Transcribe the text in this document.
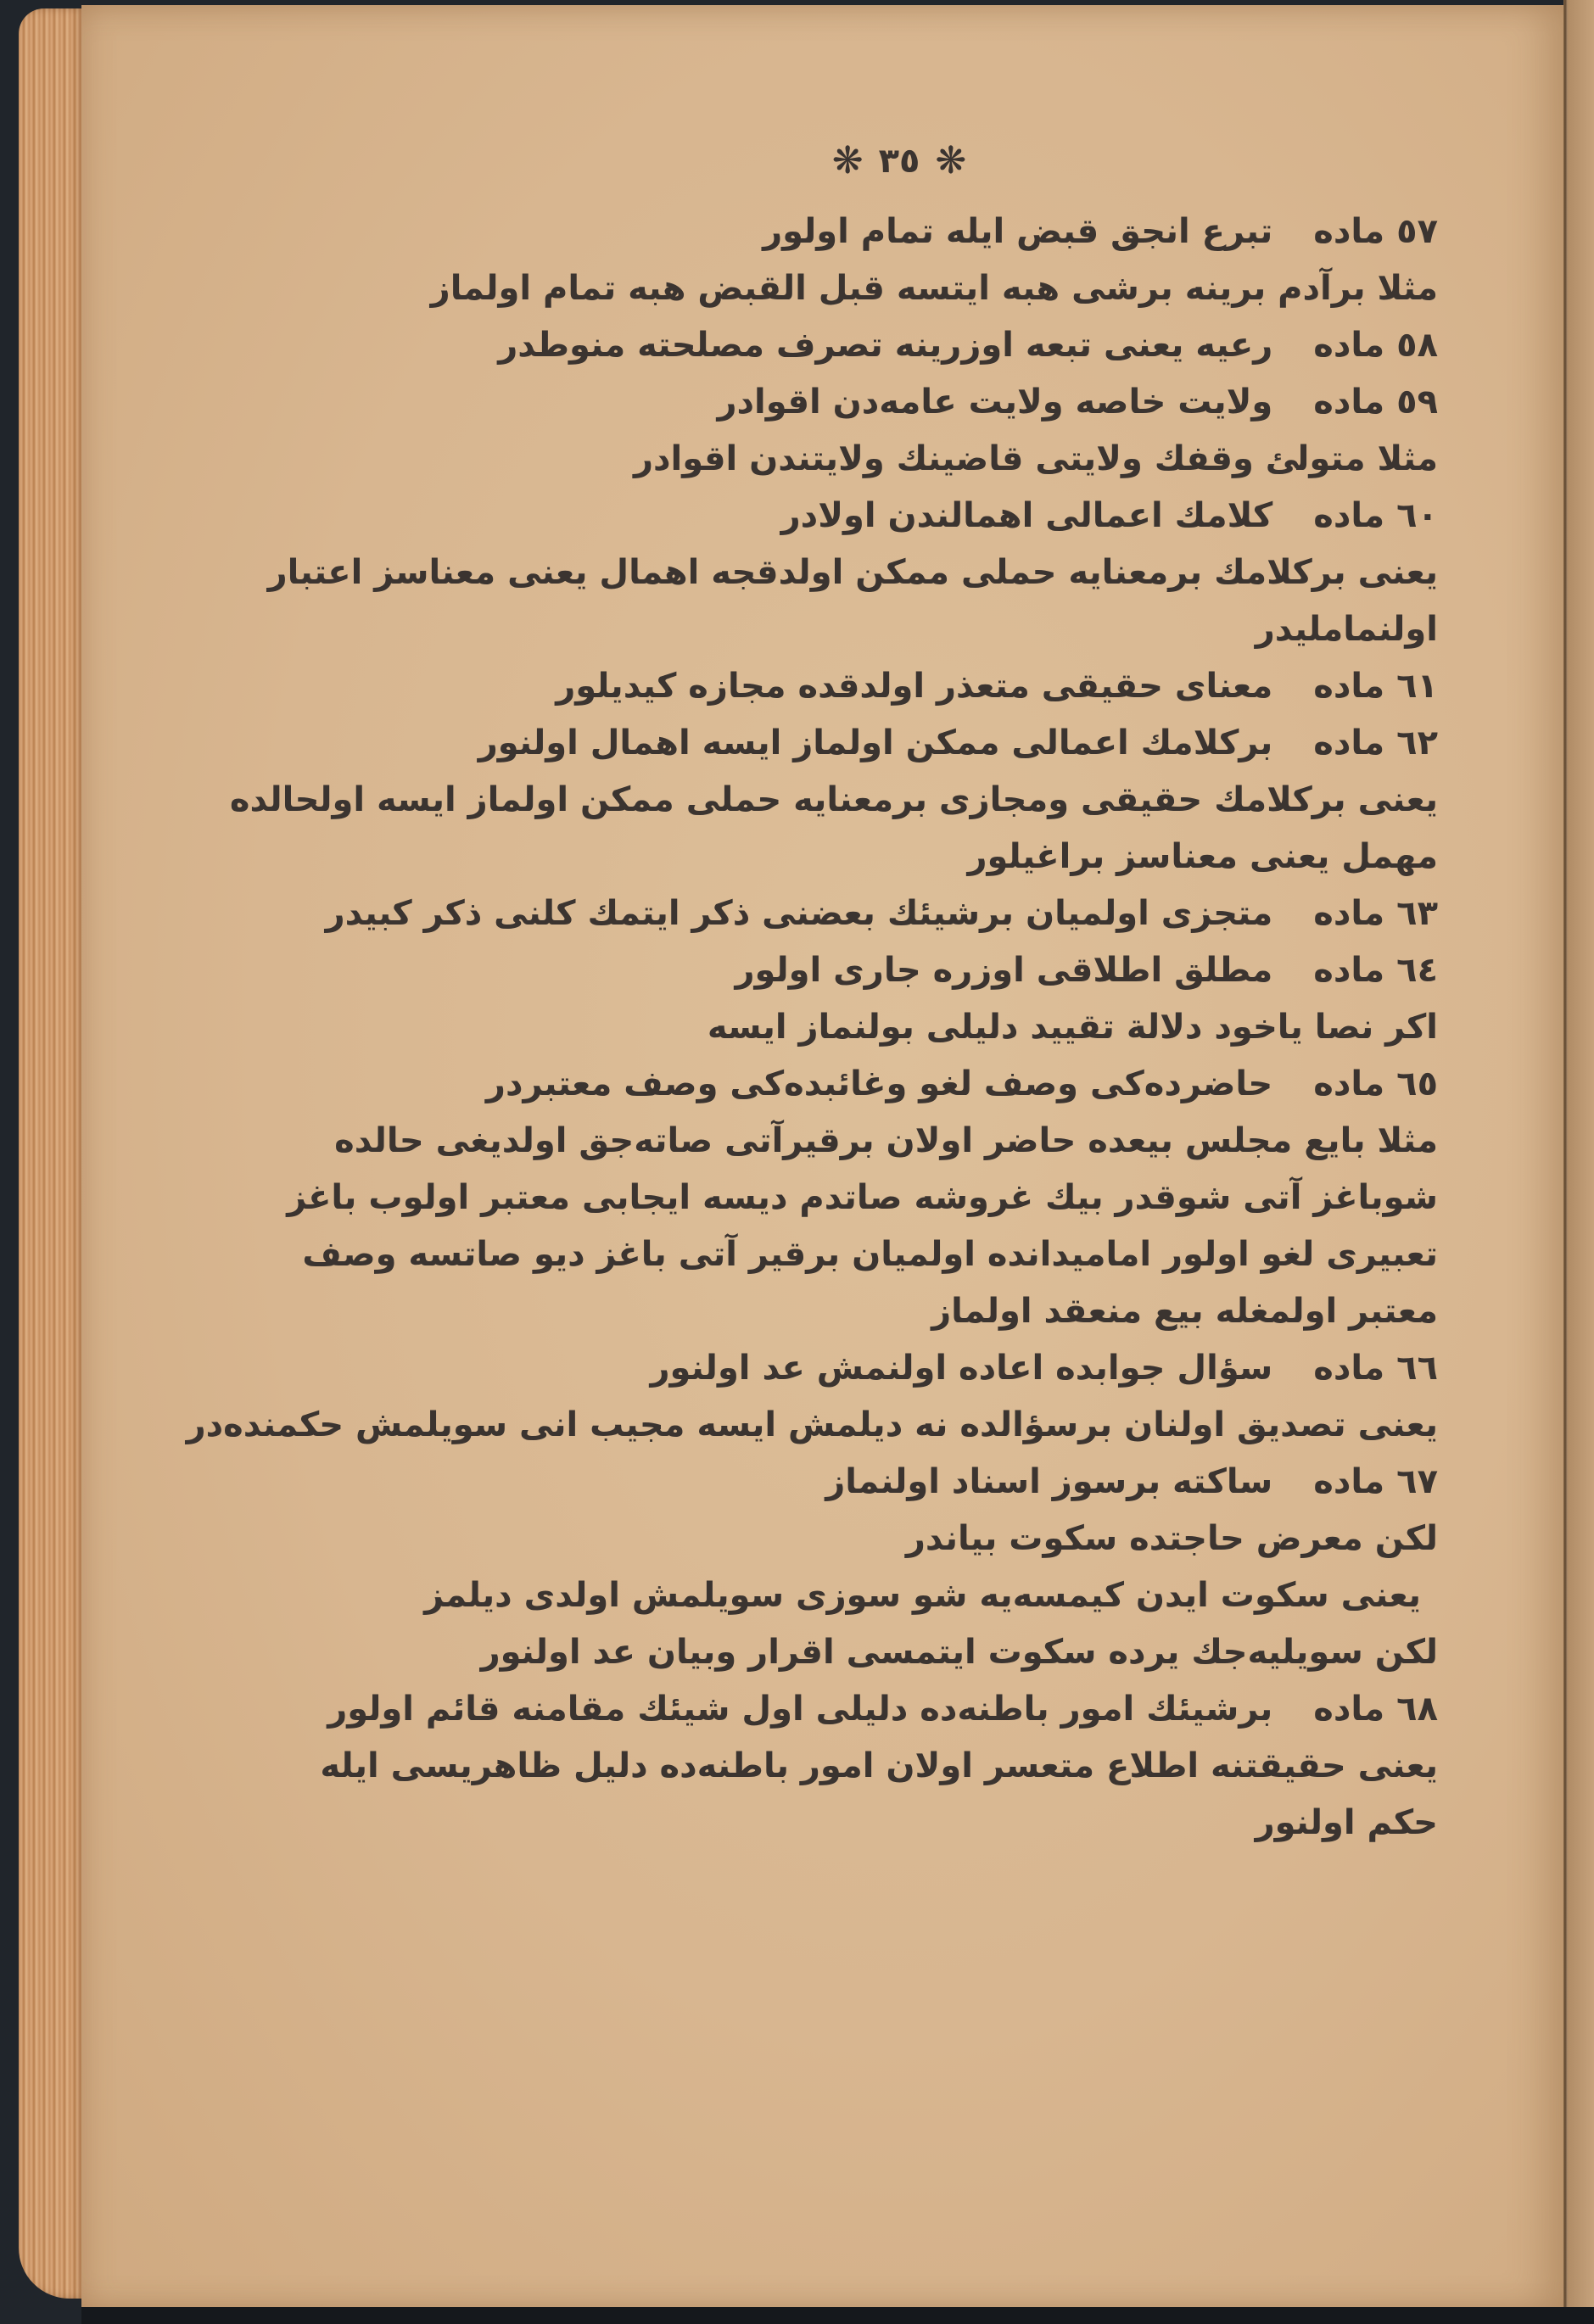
❋ ٣٥ ❋
٥٧مادهتبرع انجق قبض ايله تمام اولور
مثلا برآدم برينه برشى هبه ايتسه قبل القبض هبه تمام اولماز
٥٨مادهرعيه يعنى تبعه اوزرينه تصرف مصلحته منوطدر
٥٩مادهولايت خاصه ولايت عامه‌دن اقوادر
مثلا متولئ وقفك ولايتى قاضينك ولايتندن اقوادر
٦٠مادهكلامك اعمالى اهمالندن اولادر
يعنى بركلامك برمعنايه حملى ممكن اولدقجه اهمال يعنى معناسز اعتبار
اولنماملیدر
٦١مادهمعناى حقيقى متعذر اولدقده مجازه كيديلور
٦٢مادهبركلامك اعمالى ممكن اولماز ايسه اهمال اولنور
يعنى بركلامك حقيقى ومجازى برمعنايه حملى ممكن اولماز ايسه اولحالده
مهمل يعنى معناسز براغيلور
٦٣مادهمتجزى اولميان برشيئك بعضنى ذكر ايتمك كلنى ذكر كبيدر
٦٤مادهمطلق اطلاقى اوزره جارى اولور
اكر نصا ياخود دلالة تقييد دليلى بولنماز ايسه
٦٥مادهحاضرده‌كى وصف لغو وغائبده‌كى وصف معتبردر
مثلا بايع مجلس بيعده حاضر اولان برقيرآتى صاته‌جق اولديغى حالده
شوباغز آتى شوقدر بيك غروشه صاتدم ديسه ايجابى معتبر اولوب باغز
تعبيرى لغو اولور اماميدانده اولميان برقير آتى باغز ديو صاتسه وصف
معتبر اولمغله بيع منعقد اولماز
٦٦مادهسؤال جوابده اعاده اولنمش عد اولنور
يعنى تصديق اولنان برسؤالده نه ديلمش ايسه مجيب انى سويلمش حكمنده‌در
٦٧مادهساكته برسوز اسناد اولنماز
لكن معرض حاجتده سكوت بياندر
يعنى سكوت ايدن كيمسه‌يه شو سوزى سويلمش اولدى ديلمز
لكن سويليه‌جك يرده سكوت ايتمسى اقرار وبيان عد اولنور
٦٨مادهبرشيئك امور باطنه‌ده دليلى اول شيئك مقامنه قائم اولور
يعنى حقيقتنه اطلاع متعسر اولان امور باطنه‌ده دليل ظاهريسى ايله
حكم اولنور
